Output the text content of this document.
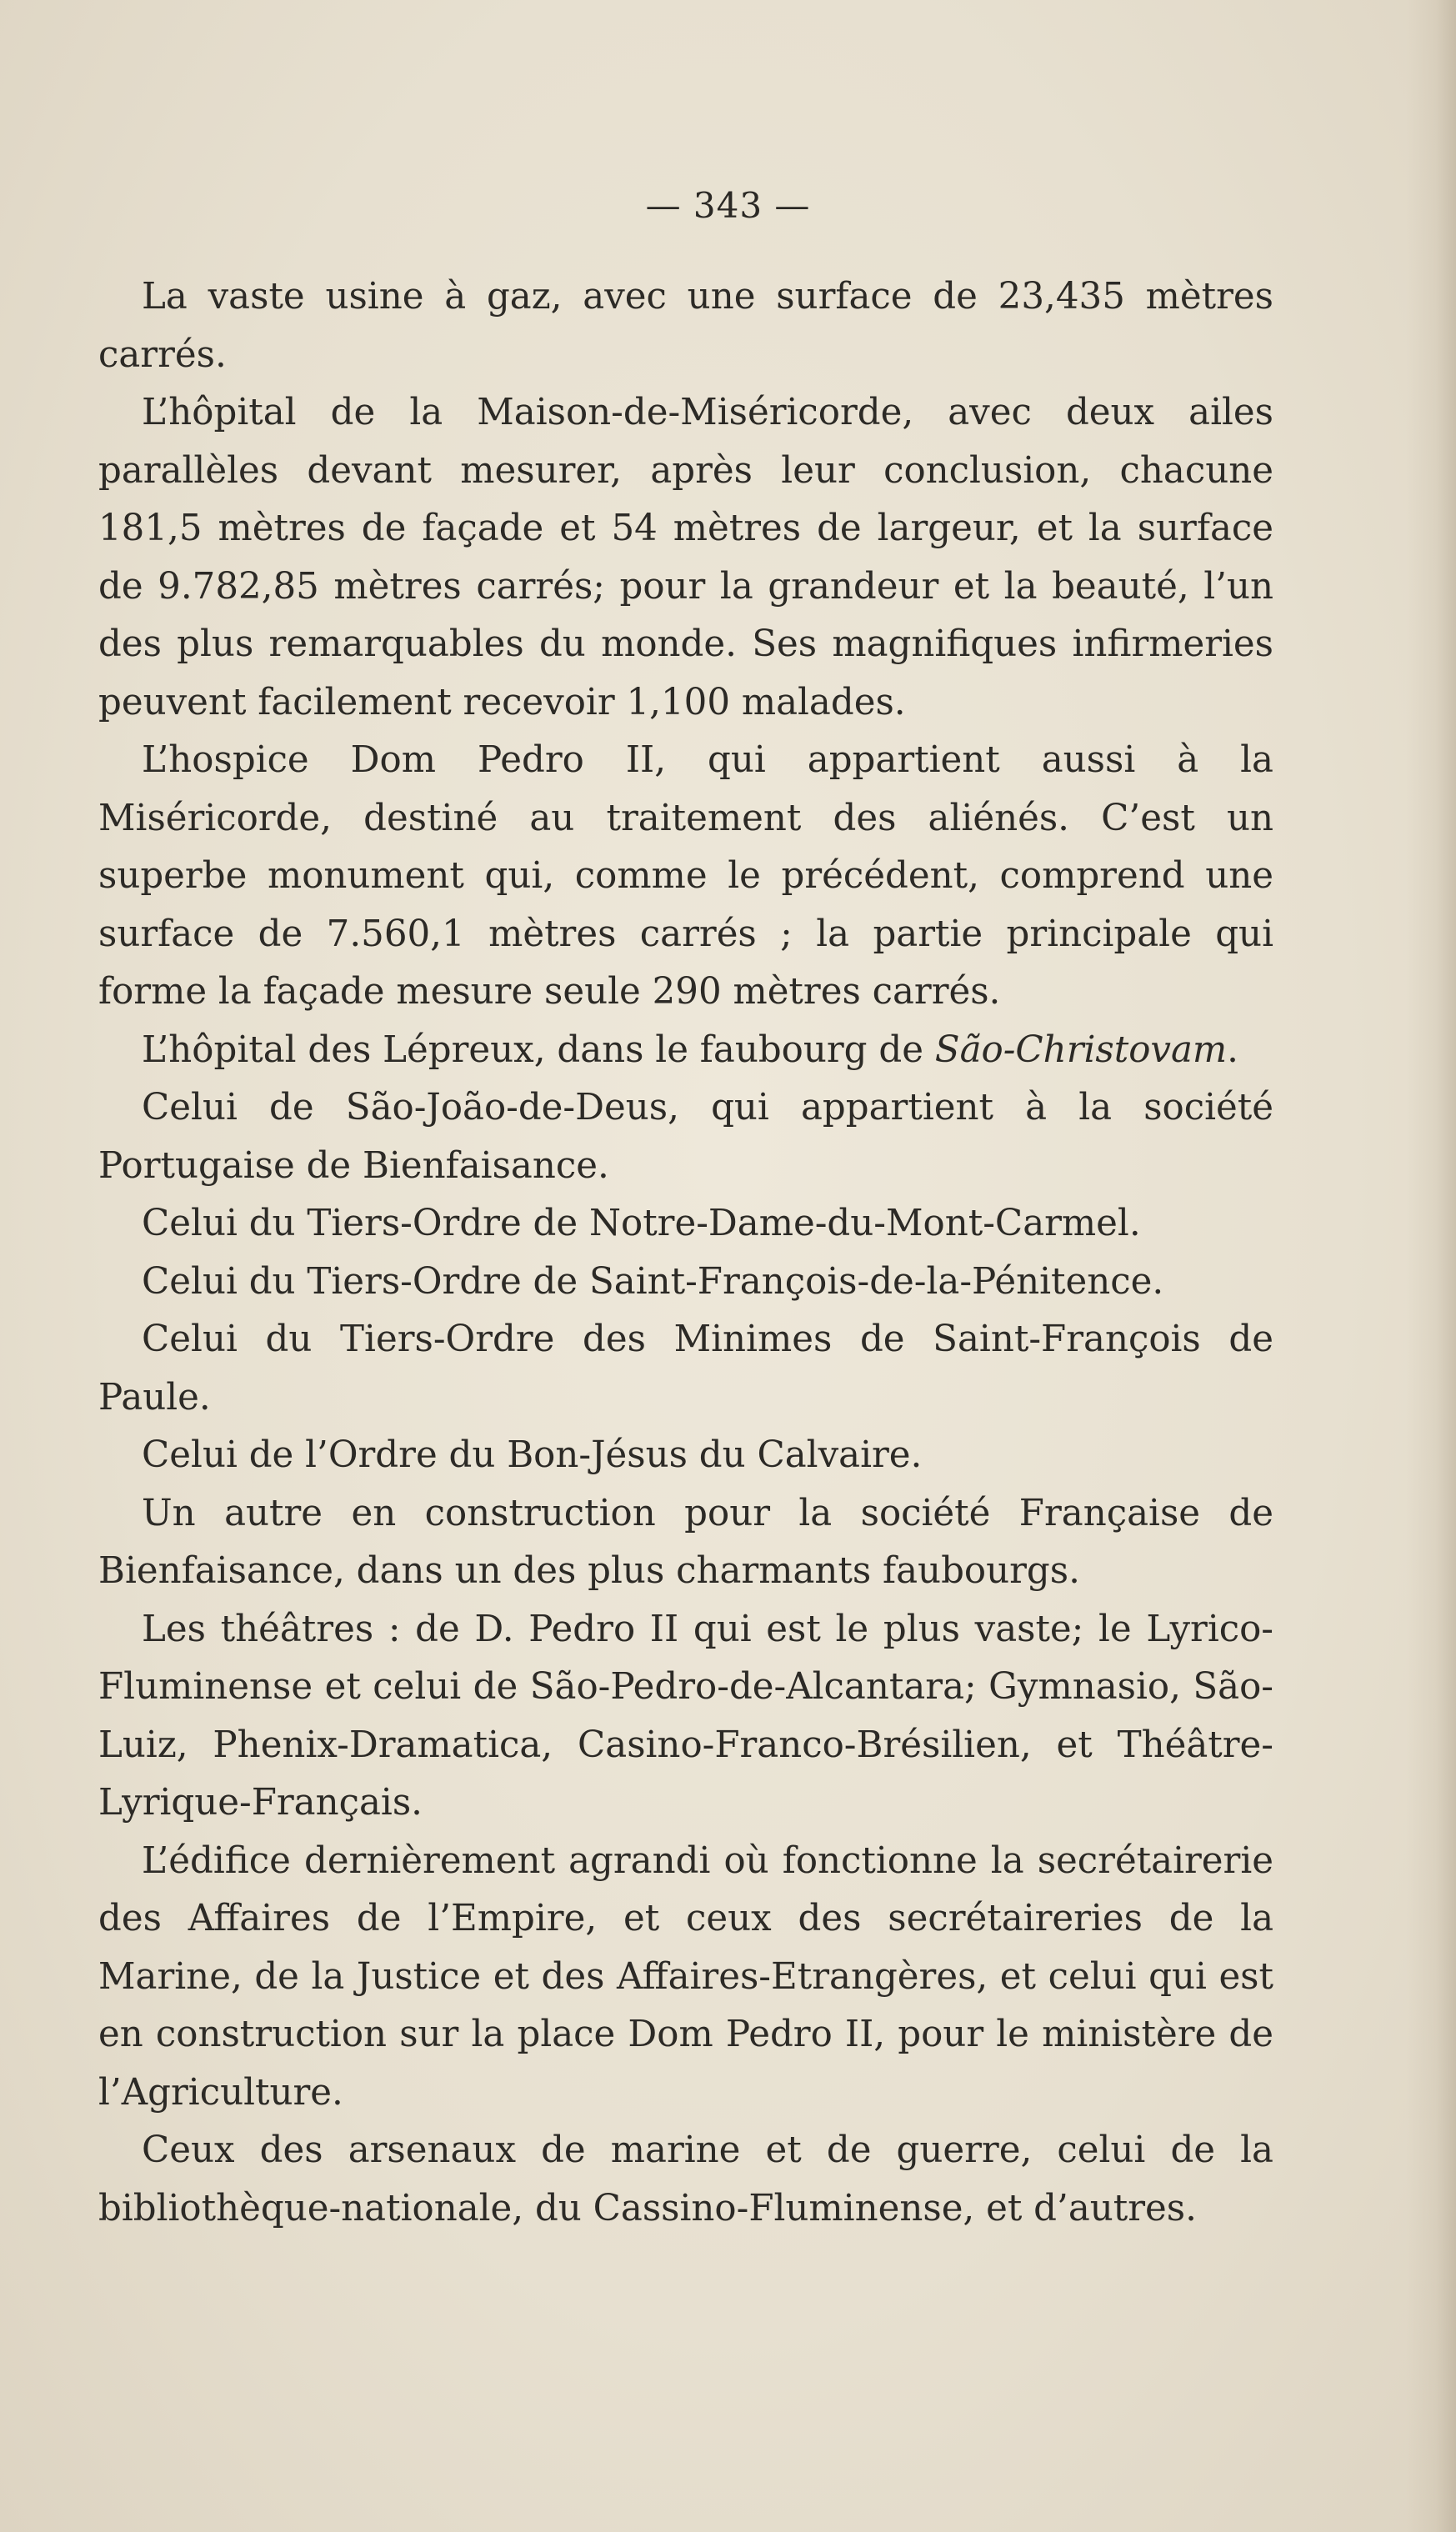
— 343 —

La vaste usine à gaz, avec une surface de 23,435 mètres carrés.

L’hôpital de la Maison-de-Miséricorde, avec deux ailes parallèles devant mesurer, après leur conclusion, chacune 181,5 mètres de façade et 54 mètres de largeur, et la surface de 9.782,85 mètres carrés; pour la grandeur et la beauté, l’un des plus remarquables du monde. Ses magnifiques infirmeries peuvent facilement recevoir 1,100 malades.

L’hospice Dom Pedro II, qui appartient aussi à la Miséricorde, destiné au traitement des aliénés. C’est un superbe monument qui, comme le précédent, comprend une surface de 7.560,1 mètres carrés ; la partie principale qui forme la façade mesure seule 290 mètres carrés.

L’hôpital des Lépreux, dans le faubourg de São-Christovam.

Celui de São-João-de-Deus, qui appartient à la société Portugaise de Bienfaisance.

Celui du Tiers-Ordre de Notre-Dame-du-Mont-Carmel.

Celui du Tiers-Ordre de Saint-François-de-la-Pénitence.

Celui du Tiers-Ordre des Minimes de Saint-François de Paule.

Celui de l’Ordre du Bon-Jésus du Calvaire.

Un autre en construction pour la société Française de Bienfaisance, dans un des plus charmants faubourgs.

Les théâtres : de D. Pedro II qui est le plus vaste; le Lyrico-Fluminense et celui de São-Pedro-de-Alcantara; Gymnasio, São-Luiz, Phenix-Dramatica, Casino-Franco-Brésilien, et Théâtre-Lyrique-Français.

L’édifice dernièrement agrandi où fonctionne la secrétairerie des Affaires de l’Empire, et ceux des secrétaireries de la Marine, de la Justice et des Affaires-Etrangères, et celui qui est en construction sur la place Dom Pedro II, pour le ministère de l’Agriculture.

Ceux des arsenaux de marine et de guerre, celui de la bibliothèque-nationale, du Cassino-Fluminense, et d’autres.
